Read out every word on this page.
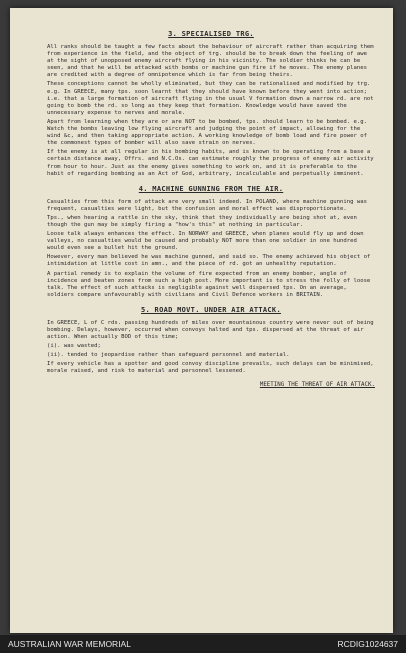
3. SPECIALISED TRG.

All ranks should be taught a few facts about the behaviour of aircraft rather than acquiring them from experience in the field, and the object of trg. should be to break down the feeling of awe at the sight of unopposed enemy aircraft flying in his vicinity. The soldier thinks he can be seen, and that he will be attacked with bombs or machine gun fire if he moves. The enemy planes are credited with a degree of omnipotence which is far from being theirs.

These conceptions cannot be wholly eliminated, but they can be rationalised and modified by trg. e.g. In GREECE, many tps. soon learnt that they should have known before they went into action; i.e. that a large formation of aircraft flying in the usual V formation down a narrow rd. are not going to bomb the rd. so long as they keep that formation. Knowledge would have saved the unnecessary expense to nerves and morale.

Apart from learning when they are or are NOT to be bombed, tps. should learn to be bombed. e.g. Watch the bombs leaving low flying aircraft and judging the point of impact, allowing for the wind &c, and then taking appropriate action. A working knowledge of bomb load and fire power of the commonest types of bomber will also save strain on nerves.

If the enemy is at all regular in his bombing habits, and is known to be operating from a base a certain distance away, Offrs. and N.C.Os. can estimate roughly the progress of enemy air activity from hour to hour. Just as the enemy gives something to work on, and it is preferable to the habit of regarding bombing as an Act of God, arbitrary, incalculable and perpetually imminent.

4. MACHINE GUNNING FROM THE AIR.

Casualties from this form of attack are very small indeed. In POLAND, where machine gunning was frequent, casualties were light, but the confusion and moral effect was disproportionate.

Tps., when hearing a rattle in the sky, think that they individually are being shot at, even though the gun may be simply firing a "how's this" at nothing in particular.

Loose talk always enhances the effect. In NORWAY and GREECE, when planes would fly up and down valleys, no casualties would be caused and probably NOT more than one soldier in one hundred would even see a bullet hit the ground.

However, every man believed he was machine gunned, and said so. The enemy achieved his object of intimidation at little cost in amn., and the piece of rd. got an unhealthy reputation.

A partial remedy is to explain the volume of fire expected from an enemy bomber, angle of incidence and beaten zones from such a high post. More important is to stress the folly of loose talk. The effect of such attacks is negligible against well dispersed tps. On an average, soldiers compare unfavourably with civilians and Civil Defence workers in BRITAIN.

5. ROAD MOVT. UNDER AIR ATTACK.

In GREECE, L of C rds. passing hundreds of miles over mountainous country were never out of being bombing. Delays, however, occurred when convoys halted and tps. dispersed at the threat of air action. When actually BOD of this time;

(i). was wasted;

(ii). tended to jeopardise rather than safeguard personnel and material.

If every vehicle has a spotter and good convoy discipline prevails, such delays can be minimised, morale raised, and risk to material and personnel lessened.

MEETING THE THREAT OF AIR ATTACK.
AUSTRALIAN WAR MEMORIAL	RCDIG1024637
